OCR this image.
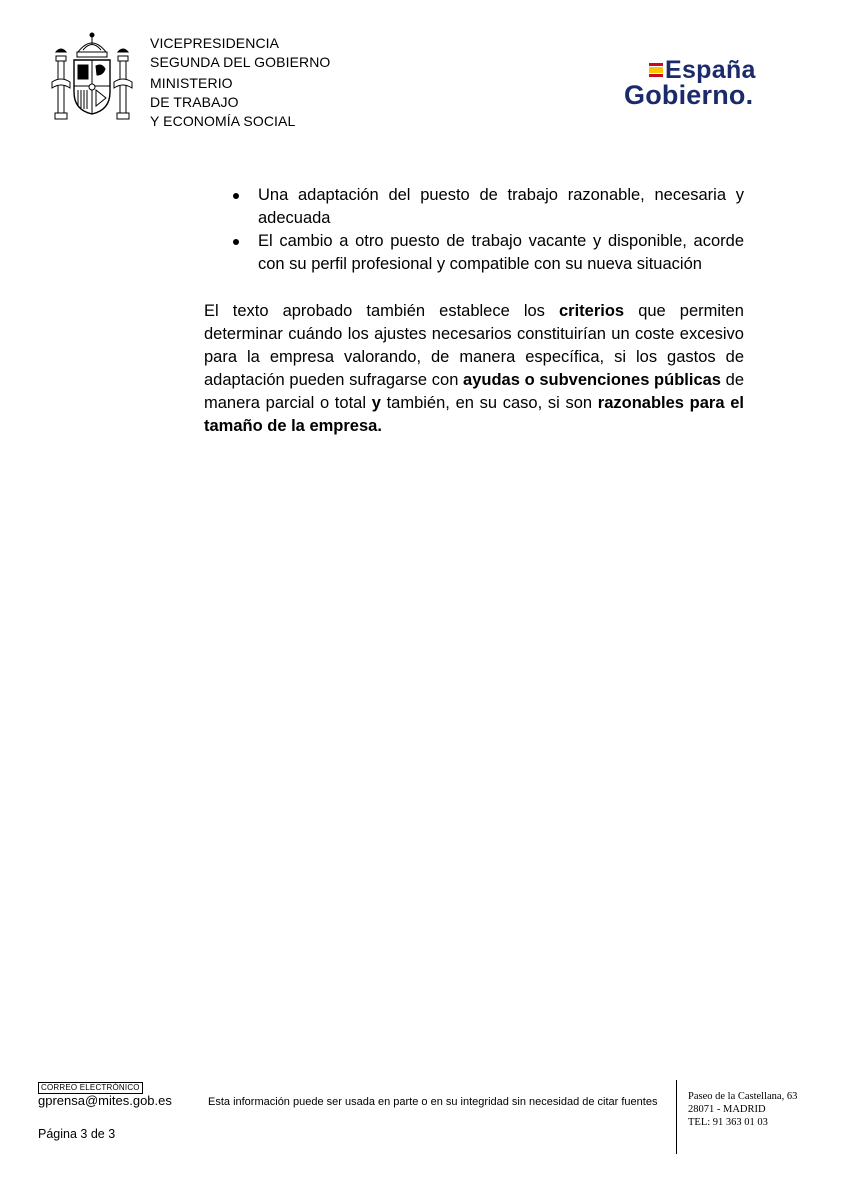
VICEPRESIDENCIA
SEGUNDA DEL GOBIERNO
MINISTERIO
DE TRABAJO
Y ECONOMÍA SOCIAL
España
Gobierno.
Una adaptación del puesto de trabajo razonable, necesaria y adecuada
El cambio a otro puesto de trabajo vacante y disponible, acorde con su perfil profesional y compatible con su nueva situación

El texto aprobado también establece los criterios que permiten determinar cuándo los ajustes necesarios constituirían un coste excesivo para la empresa valorando, de manera específica, si los gastos de adaptación pueden sufragarse con ayudas o subvenciones públicas de manera parcial o total y también, en su caso, si son razonables para el tamaño de la empresa.

CORREO ELECTRÓNICO
gprensa@mites.gob.es	Esta información puede ser usada en parte o en su integridad sin necesidad de citar fuentes
Página 3 de 3
Paseo de la Castellana, 63
28071 - MADRID
TEL: 91 363 01 03
